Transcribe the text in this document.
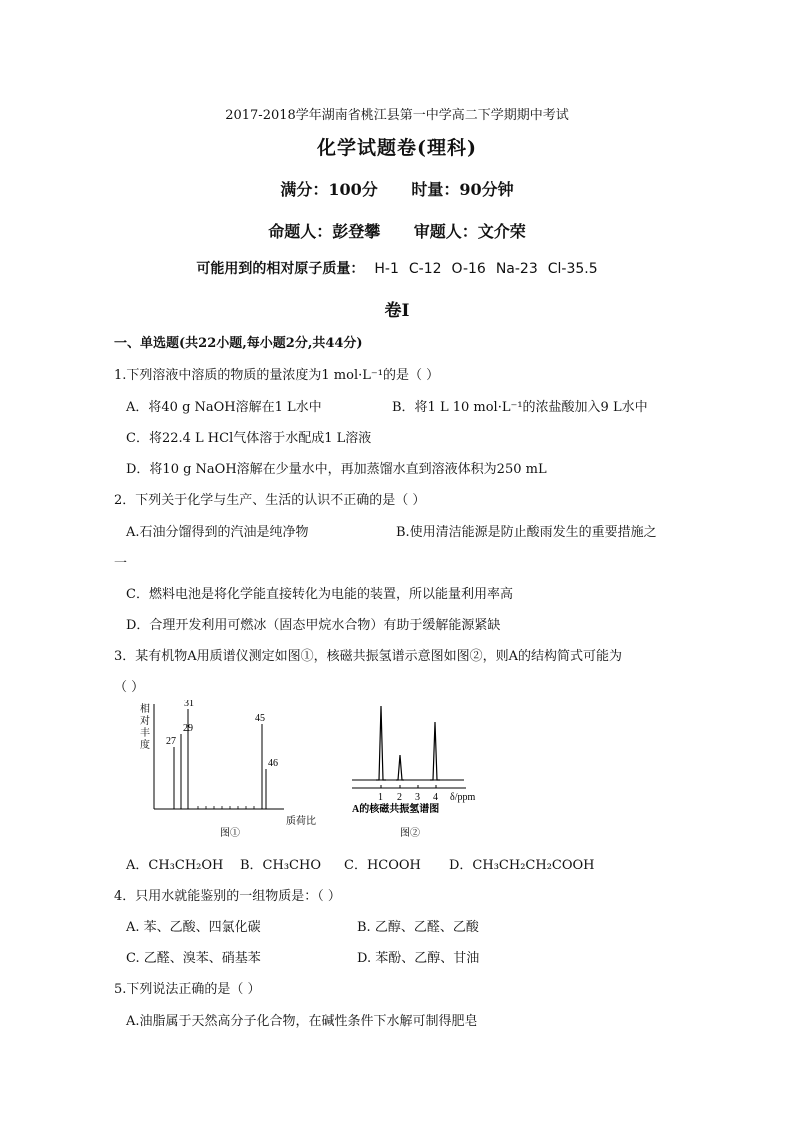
2017-2018学年湖南省桃江县第一中学高二下学期期中考试
化学试题卷(理科)
满分：100分 时量：90分钟
命题人：彭登攀 审题人：文介荣
可能用到的相对原子质量： H-1 C-12 O-16 Na-23 Cl-35.5
卷Ⅰ
一、单选题(共22小题,每小题2分,共44分)
1.下列溶液中溶质的物质的量浓度为1 mol·L⁻¹的是（ ）
A．将40 g NaOH溶解在1 L水中	B．将1 L 10 mol·L⁻¹的浓盐酸加入9 L水中
C．将22.4 L HCl气体溶于水配成1 L溶液
D．将10 g NaOH溶解在少量水中，再加蒸馏水直到溶液体积为250 mL
2．下列关于化学与生产、生活的认识不正确的是（ ）
A.石油分馏得到的汽油是纯净物	B.使用清洁能源是防止酸雨发生的重要措施之
一
C．燃料电池是将化学能直接转化为电能的装置，所以能量利用率高
D．合理开发利用可燃冰（固态甲烷水合物）有助于缓解能源紧缺
3．某有机物A用质谱仪测定如图①，核磁共振氢谱示意图如图②，则A的结构简式可能为
（ ）
相
对
丰
度 27
29
31
45
46
质荷比
图①
1 2 3 4 δ/ppm
A的核磁共振氢谱图
图②
A．CH₃CH₂OH B．CH₃CHO C．HCOOH D．CH₃CH₂CH₂COOH
4．只用水就能鉴别的一组物质是：（ ）
A. 苯、乙酸、四氯化碳	B. 乙醇、乙醛、乙酸
C. 乙醛、溴苯、硝基苯	D. 苯酚、乙醇、甘油
5.下列说法正确的是（ ）
A.油脂属于天然高分子化合物，在碱性条件下水解可制得肥皂
